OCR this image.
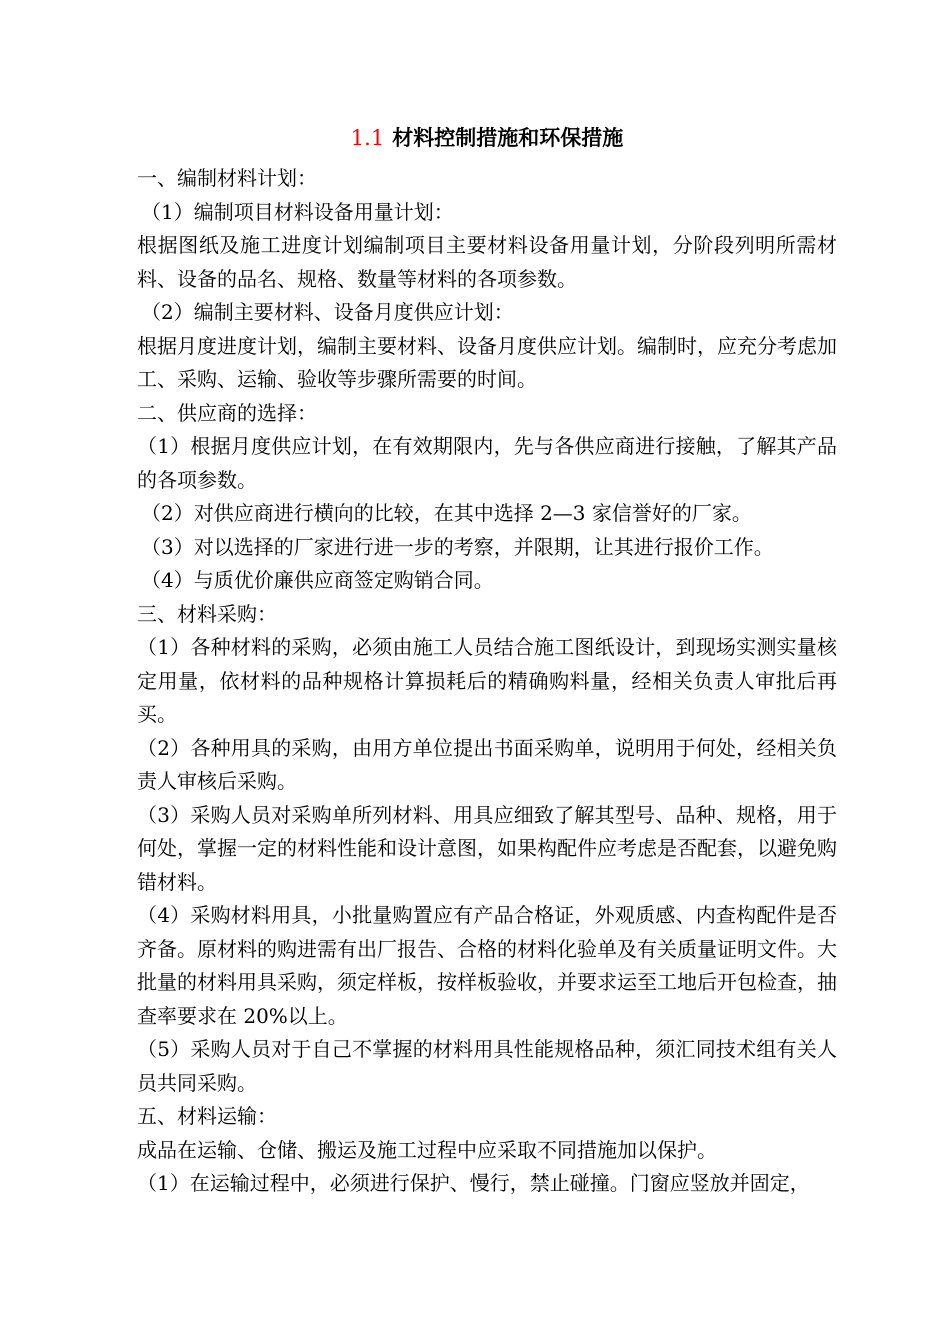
1.1 材料控制措施和环保措施

一、编制材料计划：

（1）编制项目材料设备用量计划：

根据图纸及施工进度计划编制项目主要材料设备用量计划，分阶段列明所需材料、设备的品名、规格、数量等材料的各项参数。

（2）编制主要材料、设备月度供应计划：

根据月度进度计划，编制主要材料、设备月度供应计划。编制时，应充分考虑加工、采购、运输、验收等步骤所需要的时间。

二、供应商的选择：

（1）根据月度供应计划，在有效期限内，先与各供应商进行接触，了解其产品的各项参数。

（2）对供应商进行横向的比较，在其中选择 2—3 家信誉好的厂家。

（3）对以选择的厂家进行进一步的考察，并限期，让其进行报价工作。

（4）与质优价廉供应商签定购销合同。

三、材料采购：

（1）各种材料的采购，必须由施工人员结合施工图纸设计，到现场实测实量核定用量，依材料的品种规格计算损耗后的精确购料量，经相关负责人审批后再买。

（2）各种用具的采购，由用方单位提出书面采购单，说明用于何处，经相关负责人审核后采购。

（3）采购人员对采购单所列材料、用具应细致了解其型号、品种、规格，用于何处，掌握一定的材料性能和设计意图，如果构配件应考虑是否配套，以避免购错材料。

（4）采购材料用具，小批量购置应有产品合格证，外观质感、内查构配件是否齐备。原材料的购进需有出厂报告、合格的材料化验单及有关质量证明文件。大批量的材料用具采购，须定样板，按样板验收，并要求运至工地后开包检查，抽查率要求在 20%以上。

（5）采购人员对于自己不掌握的材料用具性能规格品种，须汇同技术组有关人员共同采购。

五、材料运输：

成品在运输、仓储、搬运及施工过程中应采取不同措施加以保护。

（1）在运输过程中，必须进行保护、慢行，禁止碰撞。门窗应竖放并固定，
